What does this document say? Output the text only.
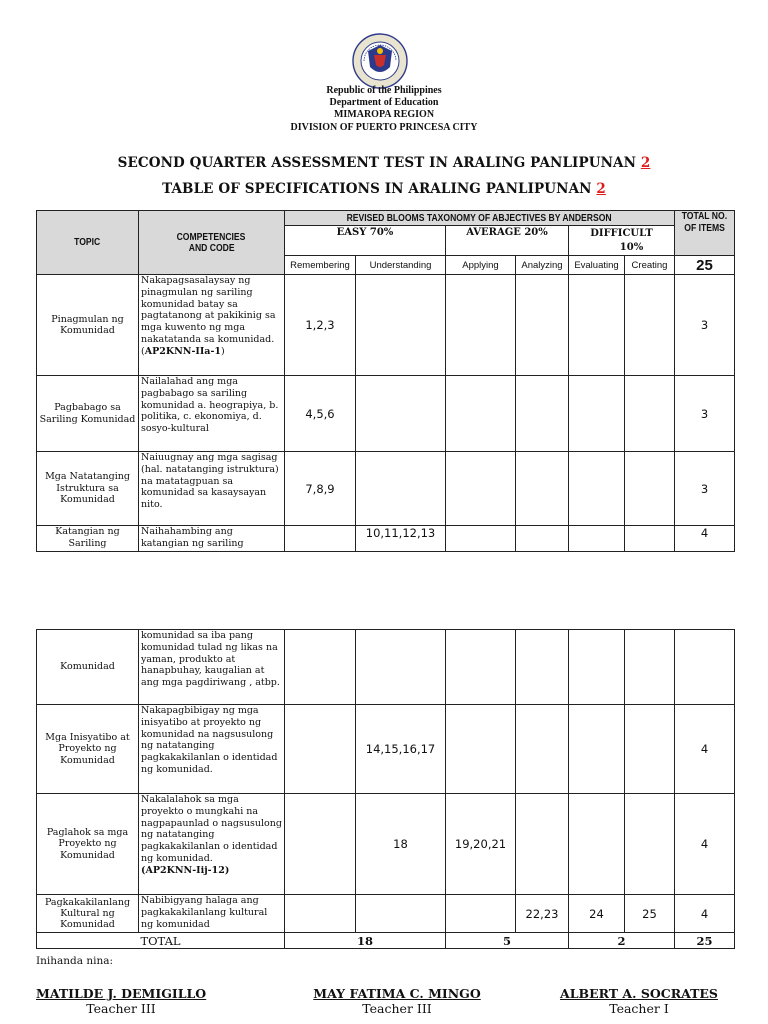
Republic of the Philippines
Department of Education
MIMAROPA REGION
DIVISION OF PUERTO PRINCESA CITY
SECOND QUARTER ASSESSMENT TEST IN ARALING PANLIPUNAN 2
TABLE OF SPECIFICATIONS IN ARALING PANLIPUNAN 2
TOPIC	COMPETENCIES
AND CODE	REVISED BLOOMS TAXONOMY OF ABJECTIVES BY ANDERSON						TOTAL NO.
OF ITEMS
		EASY 70%		AVERAGE 20%		DIFFICULT
10%		
		Remembering	Understanding	Applying	Analyzing	Evaluating	Creating	25
Pinagmulan ng Komunidad	Nakapagsasalaysay ng pinagmulan ng sariling komunidad batay sa pagtatanong at pakikinig sa mga kuwento ng mga nakatatanda sa komunidad. (AP2KNN-IIa-1)	1,2,3						3
Pagbabago sa Sariling Komunidad	Nailalahad ang mga pagbabago sa sariling komunidad a. heograpiya, b. politika, c. ekonomiya, d. sosyo-kultural	4,5,6						3
Mga Natatanging Istruktura sa Komunidad	Naiuugnay ang mga sagisag (hal. natatanging istruktura) na matatagpuan sa komunidad sa kasaysayan nito.	7,8,9						3
Katangian ng Sariling	Naihahambing ang katangian ng sariling		10,11,12,13					4
Komunidad	komunidad sa iba pang komunidad tulad ng likas na yaman, produkto at hanapbuhay, kaugalian at ang mga pagdiriwang , atbp.							
Mga Inisyatibo at Proyekto ng Komunidad	Nakapagbibigay ng mga inisyatibo at proyekto ng komunidad na nagsusulong ng natatanging pagkakakilanlan o identidad ng komunidad.		14,15,16,17					4
Paglahok sa mga Proyekto ng Komunidad	Nakalalahok sa mga proyekto o mungkahi na nagpapaunlad o nagsusulong ng natatanging pagkakakilanlan o identidad ng komunidad.
(AP2KNN-Iij-12)		18	19,20,21				4
Pagkakakilanlang Kultural ng Komunidad	Nabibigyang halaga ang pagkakakilanlang kultural ng komunidad				22,23	24	25	4
TOTAL		18		5		2		25
Inihanda nina:
MATILDE J. DEMIGILLO
Teacher III
MAY FATIMA C. MINGO
Teacher III
ALBERT A. SOCRATES
Teacher I
